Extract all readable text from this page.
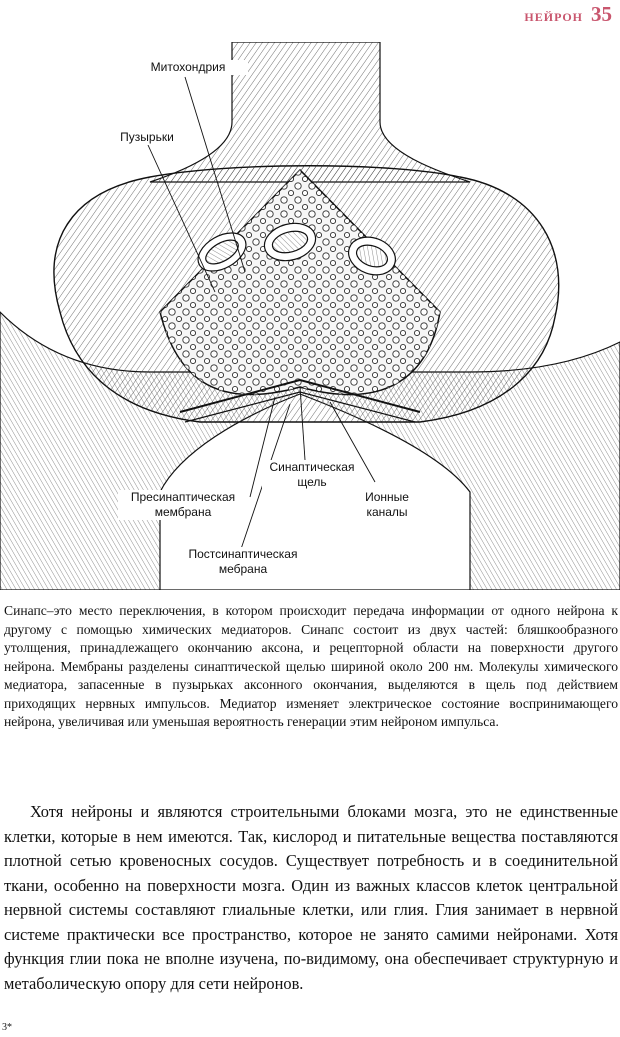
НЕЙРОН 35
Митохондрия
Пузырьки
Синаптическая щель
Пресинаптическая мембрана
Ионные каналы
Постсинаптическая мебрана
Синапс–это место переключения, в котором происходит передача информации от одного нейрона к другому с помощью химических медиаторов. Синапс состоит из двух частей: бляшкообразного утолщения, принадлежащего окончанию аксона, и рецепторной области на поверхности другого нейрона. Мембраны разделены синаптической щелью шириной около 200 нм. Молекулы химического медиатора, запасенные в пузырьках аксонного окончания, выделяются в щель под действием приходящих нервных импульсов. Медиатор изменяет электрическое состояние воспринимающего нейрона, увеличивая или уменьшая вероятность генерации этим нейроном импульса.
Хотя нейроны и являются строительными блоками мозга, это не единственные клетки, которые в нем имеются. Так, кислород и питательные вещества поставляются плотной сетью кровеносных сосудов. Существует потребность и в соединительной ткани, особенно на поверхности мозга. Один из важных классов клеток центральной нервной системы составляют глиальные клетки, или глия. Глия занимает в нервной системе практически все пространство, которое не занято самими нейронами. Хотя функция глии пока не вполне изучена, по-видимому, она обеспечивает структурную и метаболическую опору для сети нейронов.
3*
